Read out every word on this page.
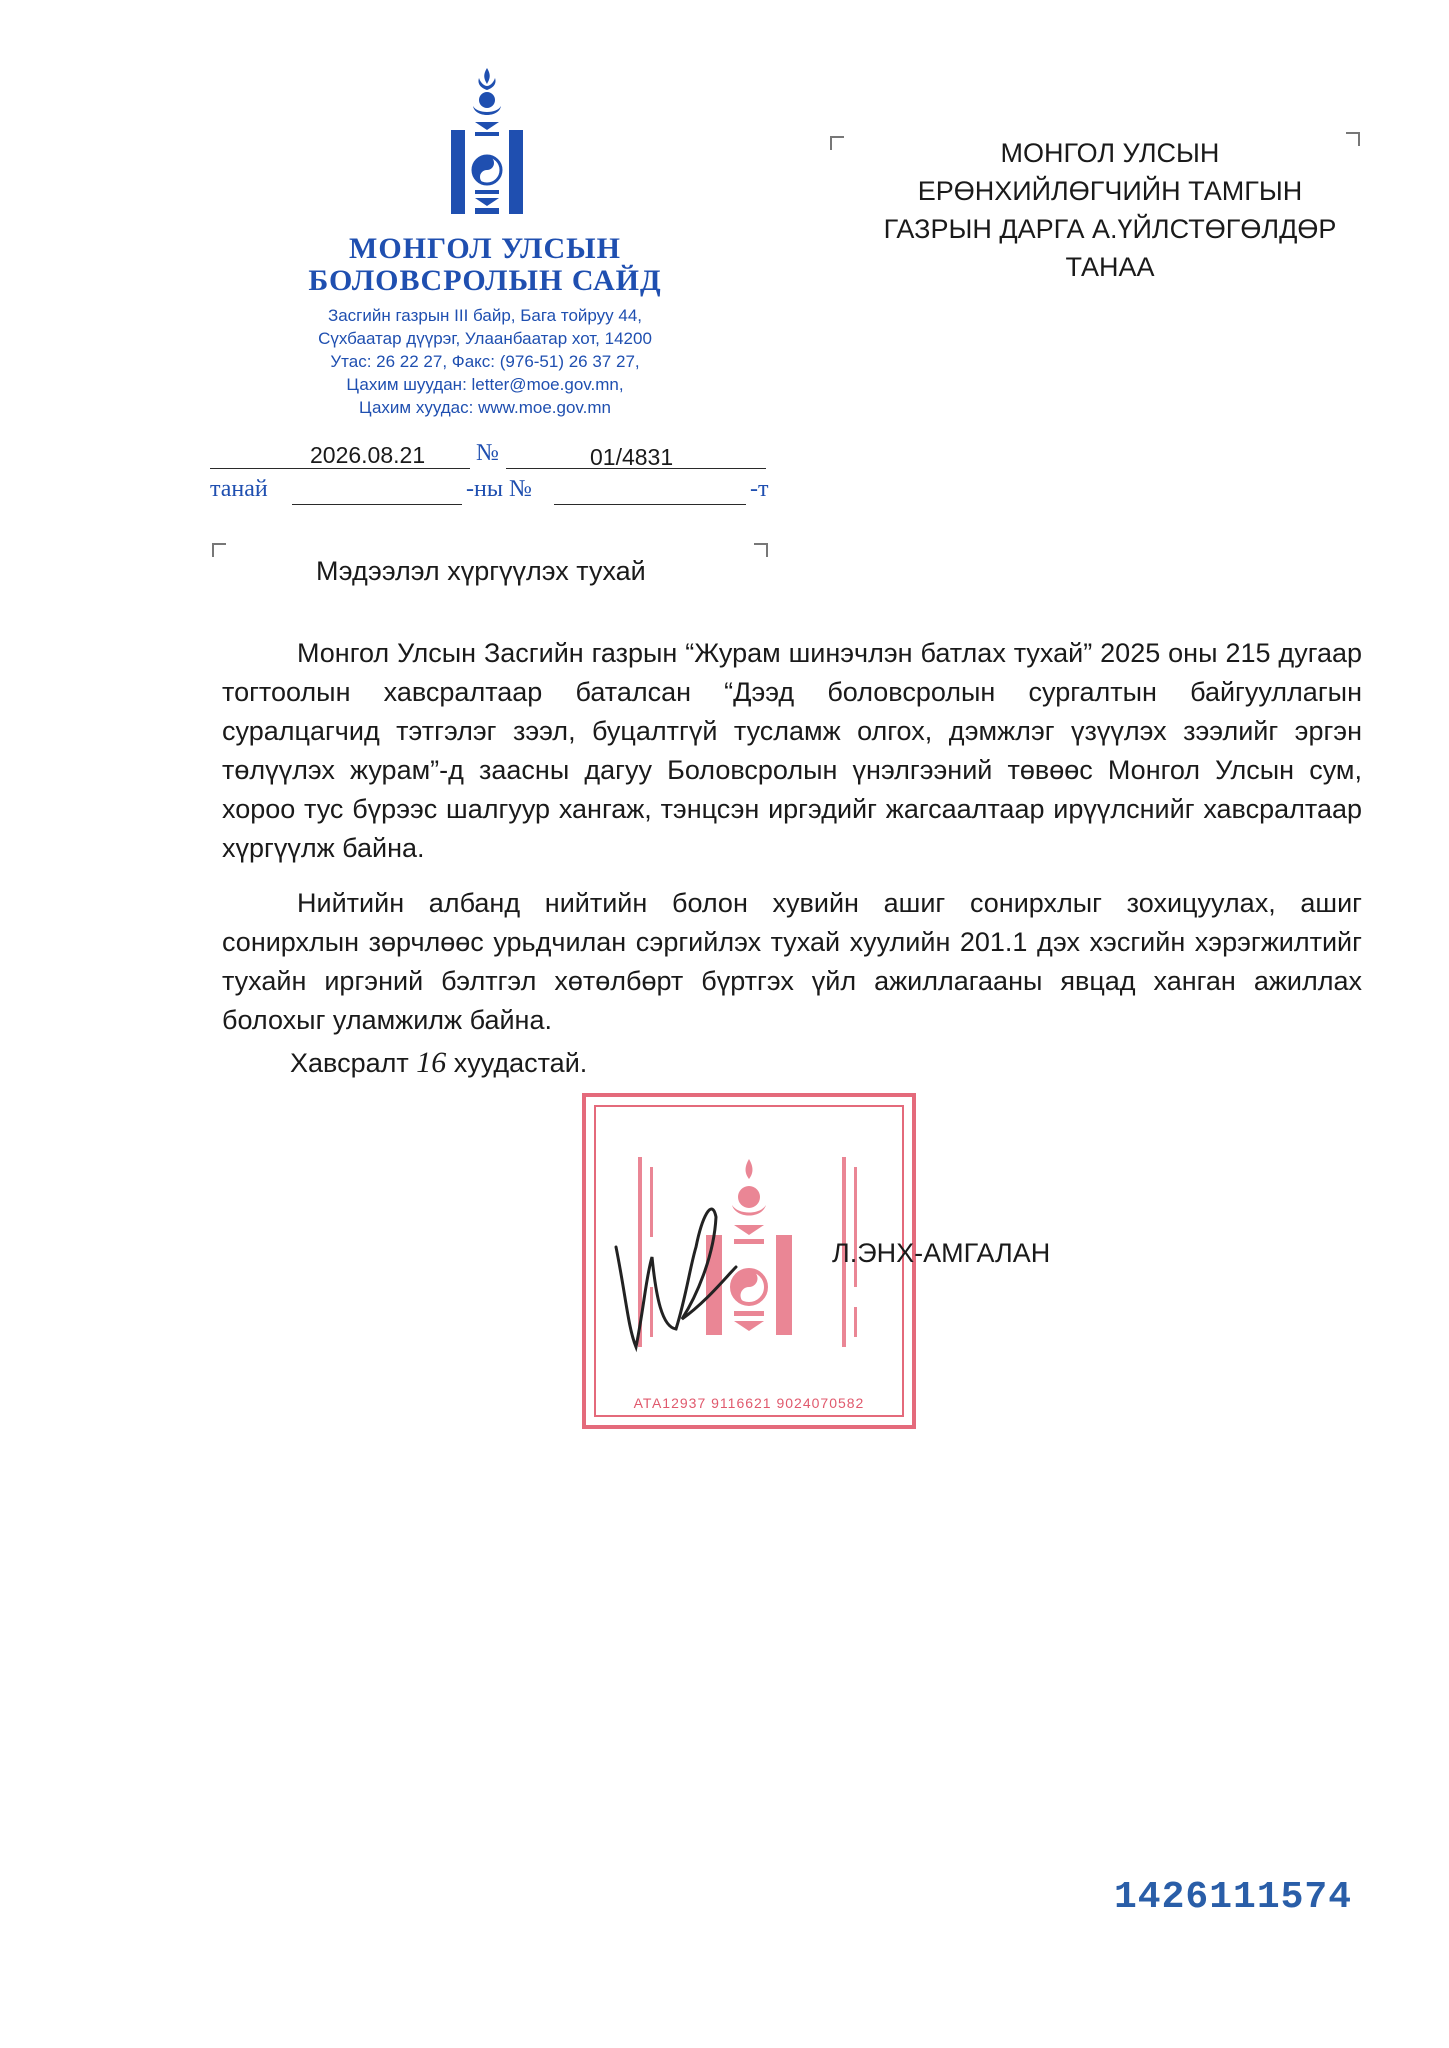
МОНГОЛ УЛСЫН
БОЛОВСРОЛЫН САЙД
Засгийн газрын III байр, Бага тойруу 44,
Сүхбаатар дүүрэг, Улаанбаатар хот, 14200
Утас: 26 22 27, Факс: (976-51) 26 37 27,
Цахим шуудан: letter@moe.gov.mn,
Цахим хуудас: www.moe.gov.mn
2026.08.21 №	01/4831
танай	-ны №	-т
МОНГОЛ УЛСЫН
ЕРӨНХИЙЛӨГЧИЙН ТАМГЫН
ГАЗРЫН ДАРГА А.ҮЙЛСТӨГӨЛДӨР
ТАНАА
Мэдээлэл хүргүүлэх тухай
Монгол Улсын Засгийн газрын “Журам шинэчлэн батлах тухай” 2025 оны 215 дугаар тогтоолын хавсралтаар баталсан “Дээд боловсролын сургалтын байгууллагын суралцагчид тэтгэлэг зээл, буцалтгүй тусламж олгох, дэмжлэг үзүүлэх зээлийг эргэн төлүүлэх журам”-д заасны дагуу Боловсролын үнэлгээний төвөөс Монгол Улсын сум, хороо тус бүрээс шалгуур хангаж, тэнцсэн иргэдийг жагсаалтаар ирүүлснийг хавсралтаар хүргүүлж байна.
Нийтийн албанд нийтийн болон хувийн ашиг сонирхлыг зохицуулах, ашиг сонирхлын зөрчлөөс урьдчилан сэргийлэх тухай хуулийн 201.1 дэх хэсгийн хэрэгжилтийг тухайн иргэний бэлтгэл хөтөлбөрт бүртгэх үйл ажиллагааны явцад ханган ажиллах болохыг уламжилж байна.
Хавсралт 16 хуудастай.
АТА12937 9116621 9024070582
Л.ЭНХ-АМГАЛАН
1426111574
